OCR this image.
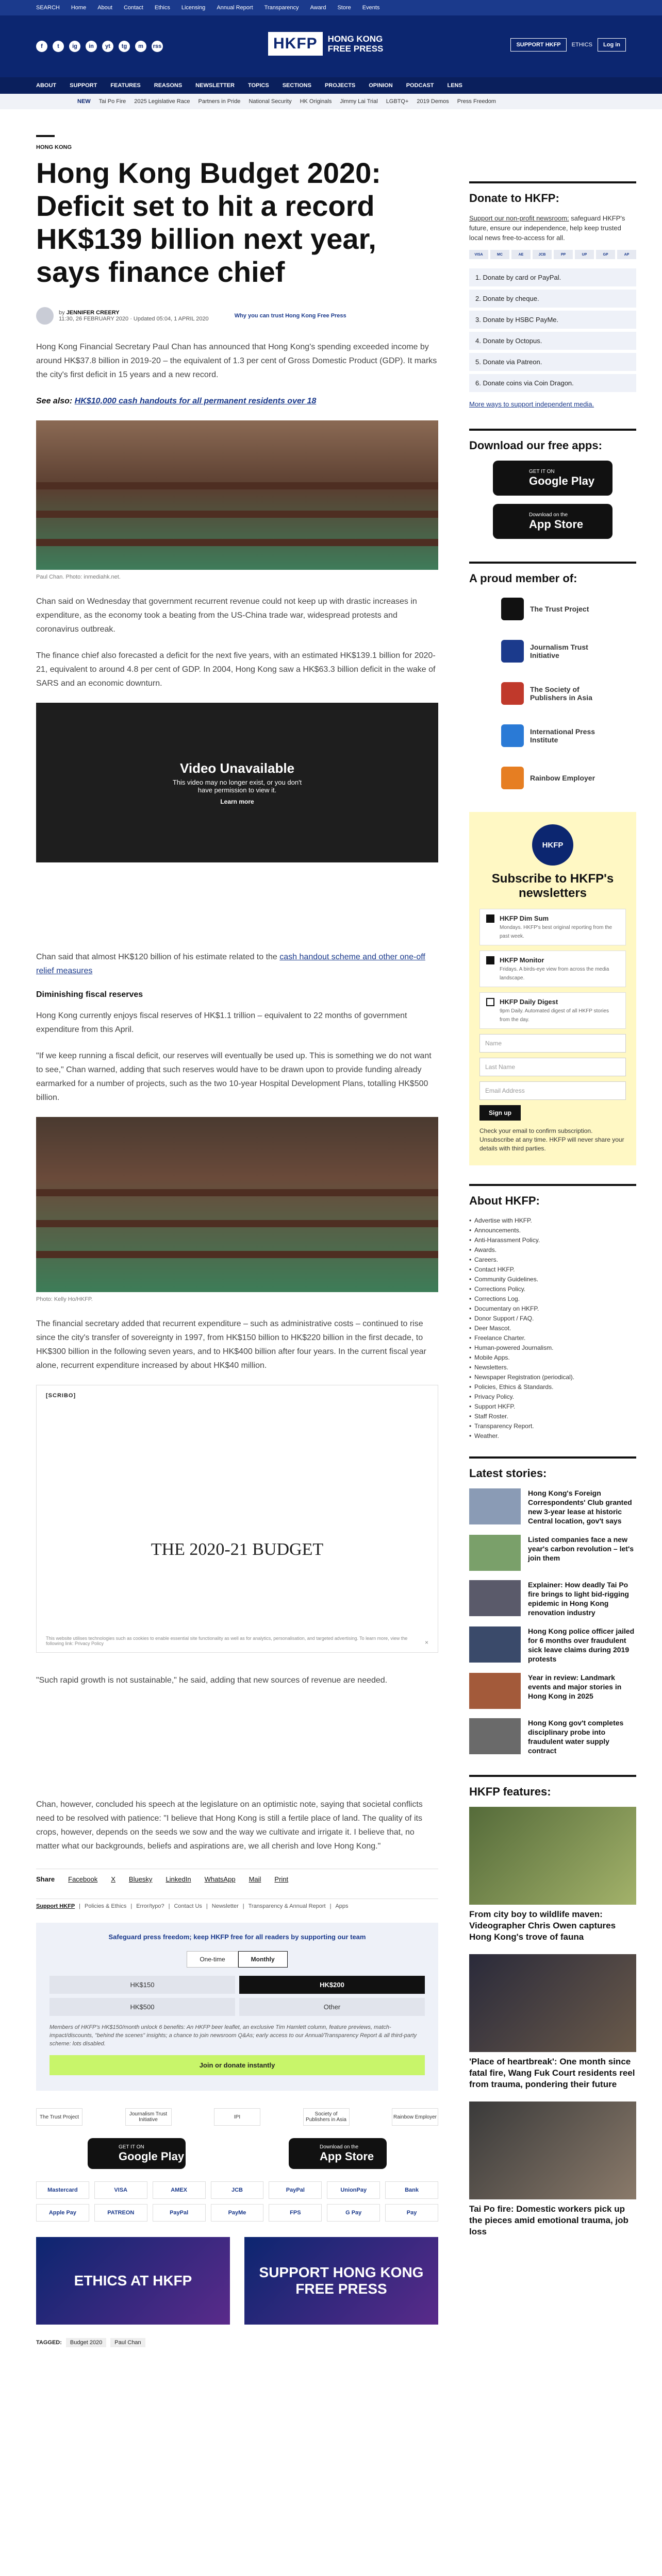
SEARCH Home About Contact Ethics Licensing Annual Report Transparency Award Store Events
f	t	ig	in	yt	tg	m	rss	HKFP	HONG KONG FREE PRESS	SUPPORT HKFP	ETHICS	Log in
ABOUT SUPPORT FEATURES REASONS NEWSLETTER TOPICS SECTIONS PROJECTS OPINION PODCAST LENS
NEW Tai Po Fire 2025 Legislative Race Partners in Pride National Security HK Originals Jimmy Lai Trial LGBTQ+ 2019 Demos Press Freedom
HONG KONG
Hong Kong Budget 2020: Deficit set to hit a record HK$139 billion next year, says finance chief
by JENNIFER CREERY
11:30, 26 FEBRUARY 2020 · Updated 05:04, 1 APRIL 2020	Why you can trust Hong Kong Free Press

Hong Kong Financial Secretary Paul Chan has announced that Hong Kong's spending exceeded income by around HK$37.8 billion in 2019-20 – the equivalent of 1.3 per cent of Gross Domestic Product (GDP). It marks the city's first deficit in 15 years and a new record.

See also: HK$10,000 cash handouts for all permanent residents over 18

Paul Chan. Photo: inmediahk.net.

Chan said on Wednesday that government recurrent revenue could not keep up with drastic increases in expenditure, as the economy took a beating from the US-China trade war, widespread protests and coronavirus outbreak.

The finance chief also forecasted a deficit for the next five years, with an estimated HK$139.1 billion for 2020-21, equivalent to around 4.8 per cent of GDP. In 2004, Hong Kong saw a HK$63.3 billion deficit in the wake of SARS and an economic downturn.

Video Unavailable
This video may no longer exist, or you don't have permission to view it.
Learn more

Chan said that almost HK$120 billion of his estimate related to the cash handout scheme and other one-off relief measures

Diminishing fiscal reserves

Hong Kong currently enjoys fiscal reserves of HK$1.1 trillion – equivalent to 22 months of government expenditure from this April.

"If we keep running a fiscal deficit, our reserves will eventually be used up. This is something we do not want to see," Chan warned, adding that such reserves would have to be drawn upon to provide funding already earmarked for a number of projects, such as the two 10-year Hospital Development Plans, totalling HK$500 billion.

Photo: Kelly Ho/HKFP.

The financial secretary added that recurrent expenditure – such as administrative costs – continued to rise since the city's transfer of sovereignty in 1997, from HK$150 billion to HK$220 billion in the first decade, to HK$300 billion in the following seven years, and to HK$400 billion after four years. In the current fiscal year alone, recurrent expenditure increased by about HK$40 million.

[SCRIBO]
THE 2020-21 BUDGET
This website utilises technologies such as cookies to enable essential site functionality as well as for analytics, personalisation, and targeted advertising. To learn more, view the following link: Privacy Policy	×

"Such rapid growth is not sustainable," he said, adding that new sources of revenue are needed.

Chan, however, concluded his speech at the legislature on an optimistic note, saying that societal conflicts need to be resolved with patience: "I believe that Hong Kong is still a fertile place of land. The quality of its crops, however, depends on the seeds we sow and the way we cultivate and irrigate it. I believe that, no matter what our backgrounds, beliefs and aspirations are, we all cherish and love Hong Kong."

Share Facebook X Bluesky LinkedIn WhatsApp Mail Print
Support HKFP | Policies & Ethics | Error/typo? | Contact Us | Newsletter | Transparency & Annual Report | Apps
Safeguard press freedom; keep HKFP free for all readers by supporting our team
One-time	Monthly
HK$150	HK$200
HK$500	Other
Members of HKFP's HK$150/month unlock 6 benefits: An HKFP beer leaflet, an exclusive Tim Hamlett column, feature previews, match-impact/discounts, "behind the scenes" insights; a chance to join newsroom Q&As; early access to our Annual/Transparency Report & all third-party scheme: lots disabled.
Join or donate instantly
The Trust Project	Journalism Trust Initiative	IPI	Society of Publishers in Asia	Rainbow Employer
GET IT ON
Google Play
Download on the
App Store
Mastercard	VISA	AMEX	JCB	PayPal	UnionPay	Bank
Apple Pay	PATREON	PayPal	PayMe	FPS	G Pay	Pay
ETHICS AT HKFP
SUPPORT HONG KONG FREE PRESS
TAGGED:	Budget 2020	Paul Chan
Donate to HKFP:
Support our non-profit newsroom: safeguard HKFP's future, ensure our independence, help keep trusted local news free-to-access for all.
VISA	MC	AE	JCB	PP	UP	GP	AP
1. Donate by card or PayPal.
2. Donate by cheque.
3. Donate by HSBC PayMe.
4. Donate by Octopus.
5. Donate via Patreon.
6. Donate coins via Coin Dragon.
More ways to support independent media.
Download our free apps:
GET IT ON
Google Play
Download on the
App Store
A proud member of:
The Trust Project
Journalism Trust Initiative
The Society of Publishers in Asia
International Press Institute
Rainbow Employer
HKFP
Subscribe to HKFP's newsletters
HKFP Dim Sum
Mondays. HKFP's best original reporting from the past week.
HKFP Monitor
Fridays. A birds-eye view from across the media landscape.
HKFP Daily Digest
9pm Daily. Automated digest of all HKFP stories from the day.
Name
Last Name
Email Address
Sign up
Check your email to confirm subscription. Unsubscribe at any time. HKFP will never share your details with third parties.
About HKFP:
• Advertise with HKFP.
• Announcements.
• Anti-Harassment Policy.
• Awards.
• Careers.
• Contact HKFP.
• Community Guidelines.
• Corrections Policy.
• Corrections Log.
• Documentary on HKFP.
• Donor Support / FAQ.
• Deer Mascot.
• Freelance Charter.
• Human-powered Journalism.
• Mobile Apps.
• Newsletters.
• Newspaper Registration (periodical).
• Policies, Ethics & Standards.
• Privacy Policy.
• Support HKFP.
• Staff Roster.
• Transparency Report.
• Weather.
Latest stories:
Hong Kong's Foreign Correspondents' Club granted new 3-year lease at historic Central location, gov't says
Listed companies face a new year's carbon revolution – let's join them
Explainer: How deadly Tai Po fire brings to light bid-rigging epidemic in Hong Kong renovation industry
Hong Kong police officer jailed for 6 months over fraudulent sick leave claims during 2019 protests
Year in review: Landmark events and major stories in Hong Kong in 2025
Hong Kong gov't completes disciplinary probe into fraudulent water supply contract
HKFP features:
From city boy to wildlife maven: Videographer Chris Owen captures Hong Kong's trove of fauna
'Place of heartbreak': One month since fatal fire, Wang Fuk Court residents reel from trauma, pondering their future
Tai Po fire: Domestic workers pick up the pieces amid emotional trauma, job loss
